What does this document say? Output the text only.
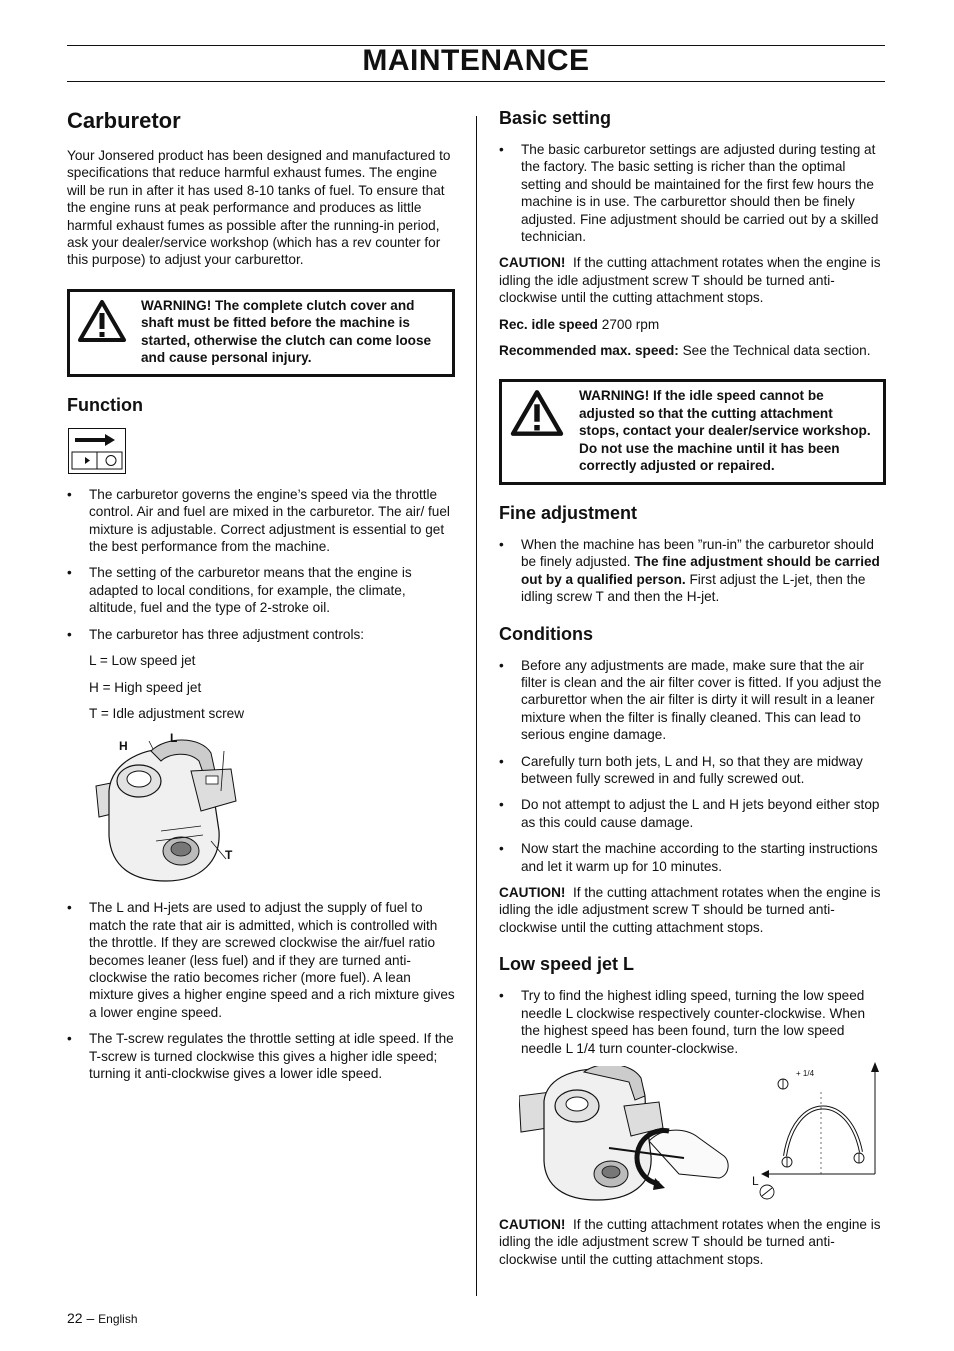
MAINTENANCE
Carburetor

Your Jonsered product has been designed and manufactured to specifications that reduce harmful exhaust fumes. The engine will be run in after it has used 8-10 tanks of fuel. To ensure that the engine runs at peak performance and produces as little harmful exhaust fumes as possible after the running-in period, ask your dealer/service workshop (which has a rev counter for this purpose) to adjust your carburettor.

WARNING! The complete clutch cover and shaft must be fitted before the machine is started, otherwise the clutch can come loose and cause personal injury.
Function
• The carburetor governs the engine’s speed via the throttle control. Air and fuel are mixed in the carburetor. The air/ fuel mixture is adjustable. Correct adjustment is essential to get the best performance from the machine.
• The setting of the carburetor means that the engine is adapted to local conditions, for example, the climate, altitude, fuel and the type of 2-stroke oil.
• The carburetor has three adjustment controls:
L = Low speed jet
H = High speed jet
T = Idle adjustment screw
H
L
T
• The L and H-jets are used to adjust the supply of fuel to match the rate that air is admitted, which is controlled with the throttle. If they are screwed clockwise the air/fuel ratio becomes leaner (less fuel) and if they are turned anti-clockwise the ratio becomes richer (more fuel). A lean mixture gives a higher engine speed and a rich mixture gives a lower engine speed.
• The T-screw regulates the throttle setting at idle speed. If the T-screw is turned clockwise this gives a higher idle speed; turning it anti-clockwise gives a lower idle speed.
Basic setting
• The basic carburetor settings are adjusted during testing at the factory. The basic setting is richer than the optimal setting and should be maintained for the first few hours the machine is in use. The carburettor should then be finely adjusted. Fine adjustment should be carried out by a skilled technician.

CAUTION! If the cutting attachment rotates when the engine is idling the idle adjustment screw T should be turned anti-clockwise until the cutting attachment stops.

Rec. idle speed 2700 rpm

Recommended max. speed: See the Technical data section.

WARNING! If the idle speed cannot be adjusted so that the cutting attachment stops, contact your dealer/service workshop. Do not use the machine until it has been correctly adjusted or repaired.
Fine adjustment
• When the machine has been ”run-in” the carburetor should be finely adjusted. The fine adjustment should be carried out by a qualified person. First adjust the L-jet, then the idling screw T and then the H-jet.
Conditions
• Before any adjustments are made, make sure that the air filter is clean and the air filter cover is fitted. If you adjust the carburettor when the air filter is dirty it will result in a leaner mixture when the filter is finally cleaned. This can lead to serious engine damage.
• Carefully turn both jets, L and H, so that they are midway between fully screwed in and fully screwed out.
• Do not attempt to adjust the L and H jets beyond either stop as this could cause damage.
• Now start the machine according to the starting instructions and let it warm up for 10 minutes.

CAUTION! If the cutting attachment rotates when the engine is idling the idle adjustment screw T should be turned anti-clockwise until the cutting attachment stops.

Low speed jet L
• Try to find the highest idling speed, turning the low speed needle L clockwise respectively counter-clockwise. When the highest speed has been found, turn the low speed needle L 1/4 turn counter-clockwise.
+ 1/4
L

CAUTION! If the cutting attachment rotates when the engine is idling the idle adjustment screw T should be turned anti-clockwise until the cutting attachment stops.

22 – English
